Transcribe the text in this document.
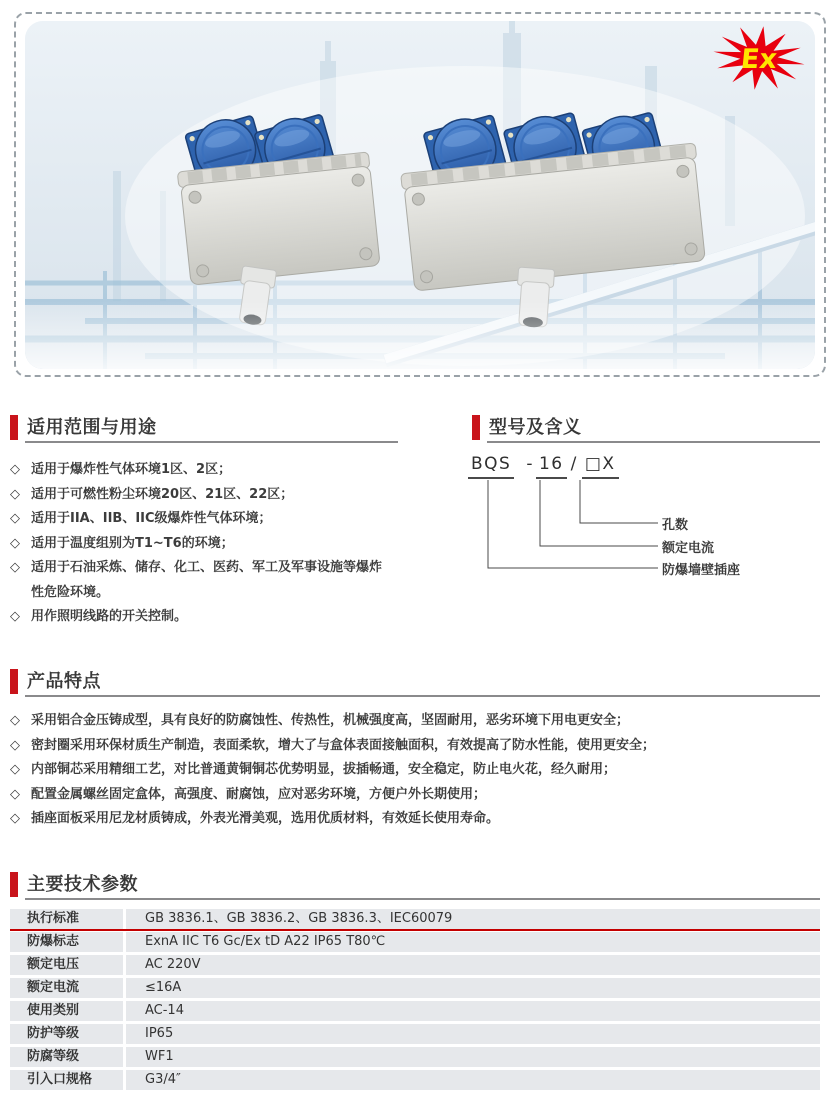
Ex
适用范围与用途
◇ 适用于爆炸性气体环境1区、2区；
◇ 适用于可燃性粉尘环境20区、21区、22区；
◇ 适用于IIA、IIB、IIC级爆炸性气体环境；
◇ 适用于温度组别为T1~T6的环境；
◇ 适用于石油采炼、储存、化工、医药、军工及军事设施等爆炸性危险环境。
◇ 用作照明线路的开关控制。
型号及含义
BQS - 16 / □X
孔数
额定电流
防爆墙壁插座
产品特点
◇ 采用铝合金压铸成型，具有良好的防腐蚀性、传热性，机械强度高，坚固耐用，恶劣环境下用电更安全；
◇ 密封圈采用环保材质生产制造，表面柔软，增大了与盒体表面接触面积，有效提高了防水性能，使用更安全；
◇ 内部铜芯采用精细工艺，对比普通黄铜铜芯优势明显，拔插畅通，安全稳定，防止电火花，经久耐用；
◇ 配置金属螺丝固定盒体，高强度、耐腐蚀，应对恶劣环境，方便户外长期使用；
◇ 插座面板采用尼龙材质铸成，外表光滑美观，选用优质材料，有效延长使用寿命。
主要技术参数
执行标准	GB 3836.1、GB 3836.2、GB 3836.3、IEC60079
防爆标志	ExnA IIC T6 Gc/Ex tD A22 IP65 T80℃
额定电压	AC 220V
额定电流	≤16A
使用类别	AC-14
防护等级	IP65
防腐等级	WF1
引入口规格	G3/4″
